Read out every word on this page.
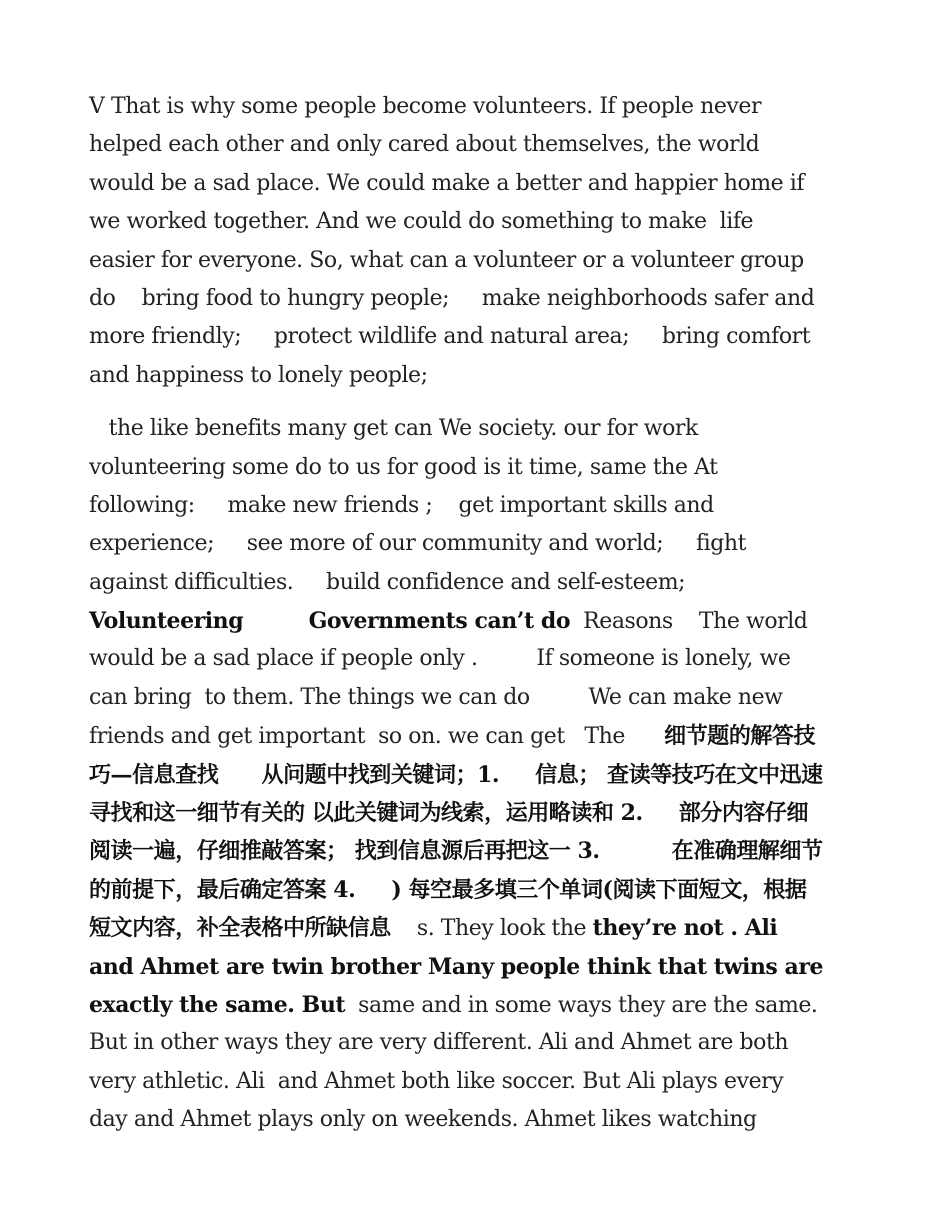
V That is why some people become volunteers. If people never
helped each other and only cared about themselves, the world
would be a sad place. We could make a better and happier home if
we worked together. And we could do something to make  life
easier for everyone. So, what can a volunteer or a volunteer group
do    bring food to hungry people;     make neighborhoods safer and
more friendly;     protect wildlife and natural area;     bring comfort
and happiness to lonely people;
the like benefits many get can We society. our for work
volunteering some do to us for good is it time, same the At
following:     make new friends ;    get important skills and
experience;     see more of our community and world;     fight
against difficulties.     build confidence and self-esteem;
Volunteering	Governments can’t do  Reasons    The world
would be a sad place if people only .         If someone is lonely, we
can bring  to them. The things we can do         We can make new
friends and get important  so on. we can get   The      细节题的解答技
巧—信息查找      从问题中找到关键词；1.     信息； 查读等技巧在文中迅速
寻找和这一细节有关的 以此关键词为线索，运用略读和 2.     部分内容仔细
阅读一遍，仔细推敲答案； 找到信息源后再把这一 3.          在准确理解细节
的前提下，最后确定答案 4.     ) 每空最多填三个单词(阅读下面短文，根据
短文内容，补全表格中所缺信息    s. They look the they’re not . Ali
and Ahmet are twin brother Many people think that twins are
exactly the same. But  same and in some ways they are the same.
But in other ways they are very different. Ali and Ahmet are both
very athletic. Ali  and Ahmet both like soccer. But Ali plays every
day and Ahmet plays only on weekends. Ahmet likes watching
